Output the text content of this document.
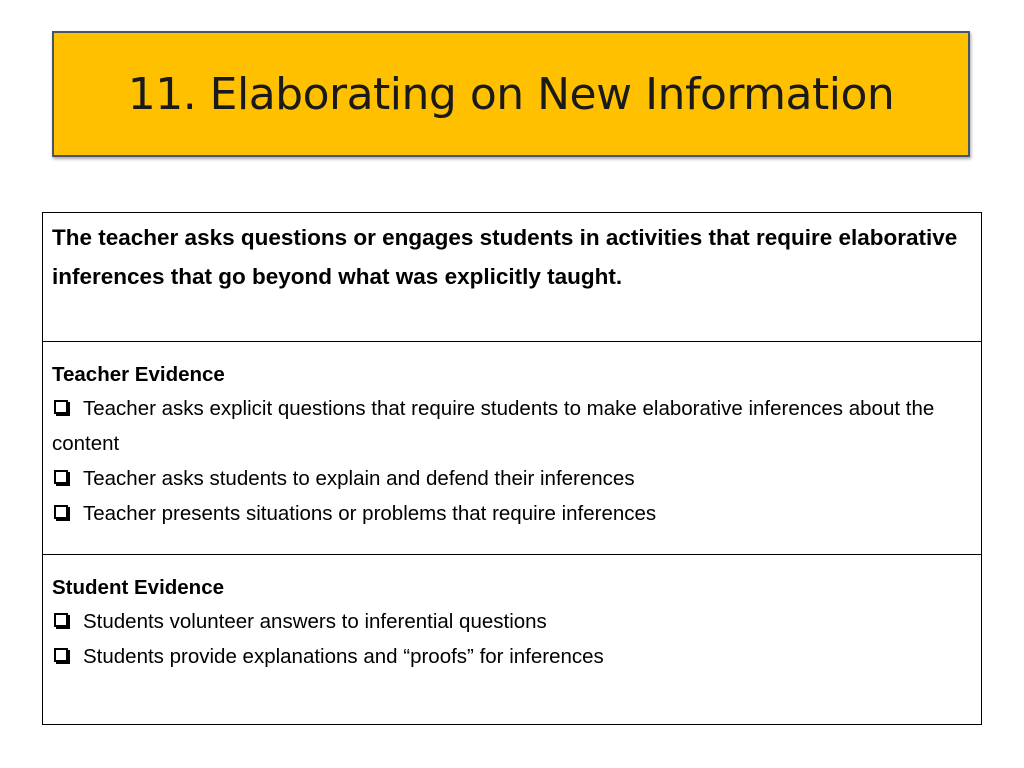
11. Elaborating on New Information
The teacher asks questions or engages students in activities that require elaborative inferences that go beyond what was explicitly taught.
Teacher Evidence
Teacher asks explicit questions that require students to make elaborative inferences about the content
Teacher asks students to explain and defend their inferences
Teacher presents situations or problems that require inferences
Student Evidence
Students volunteer answers to inferential questions
Students provide explanations and “proofs” for inferences
